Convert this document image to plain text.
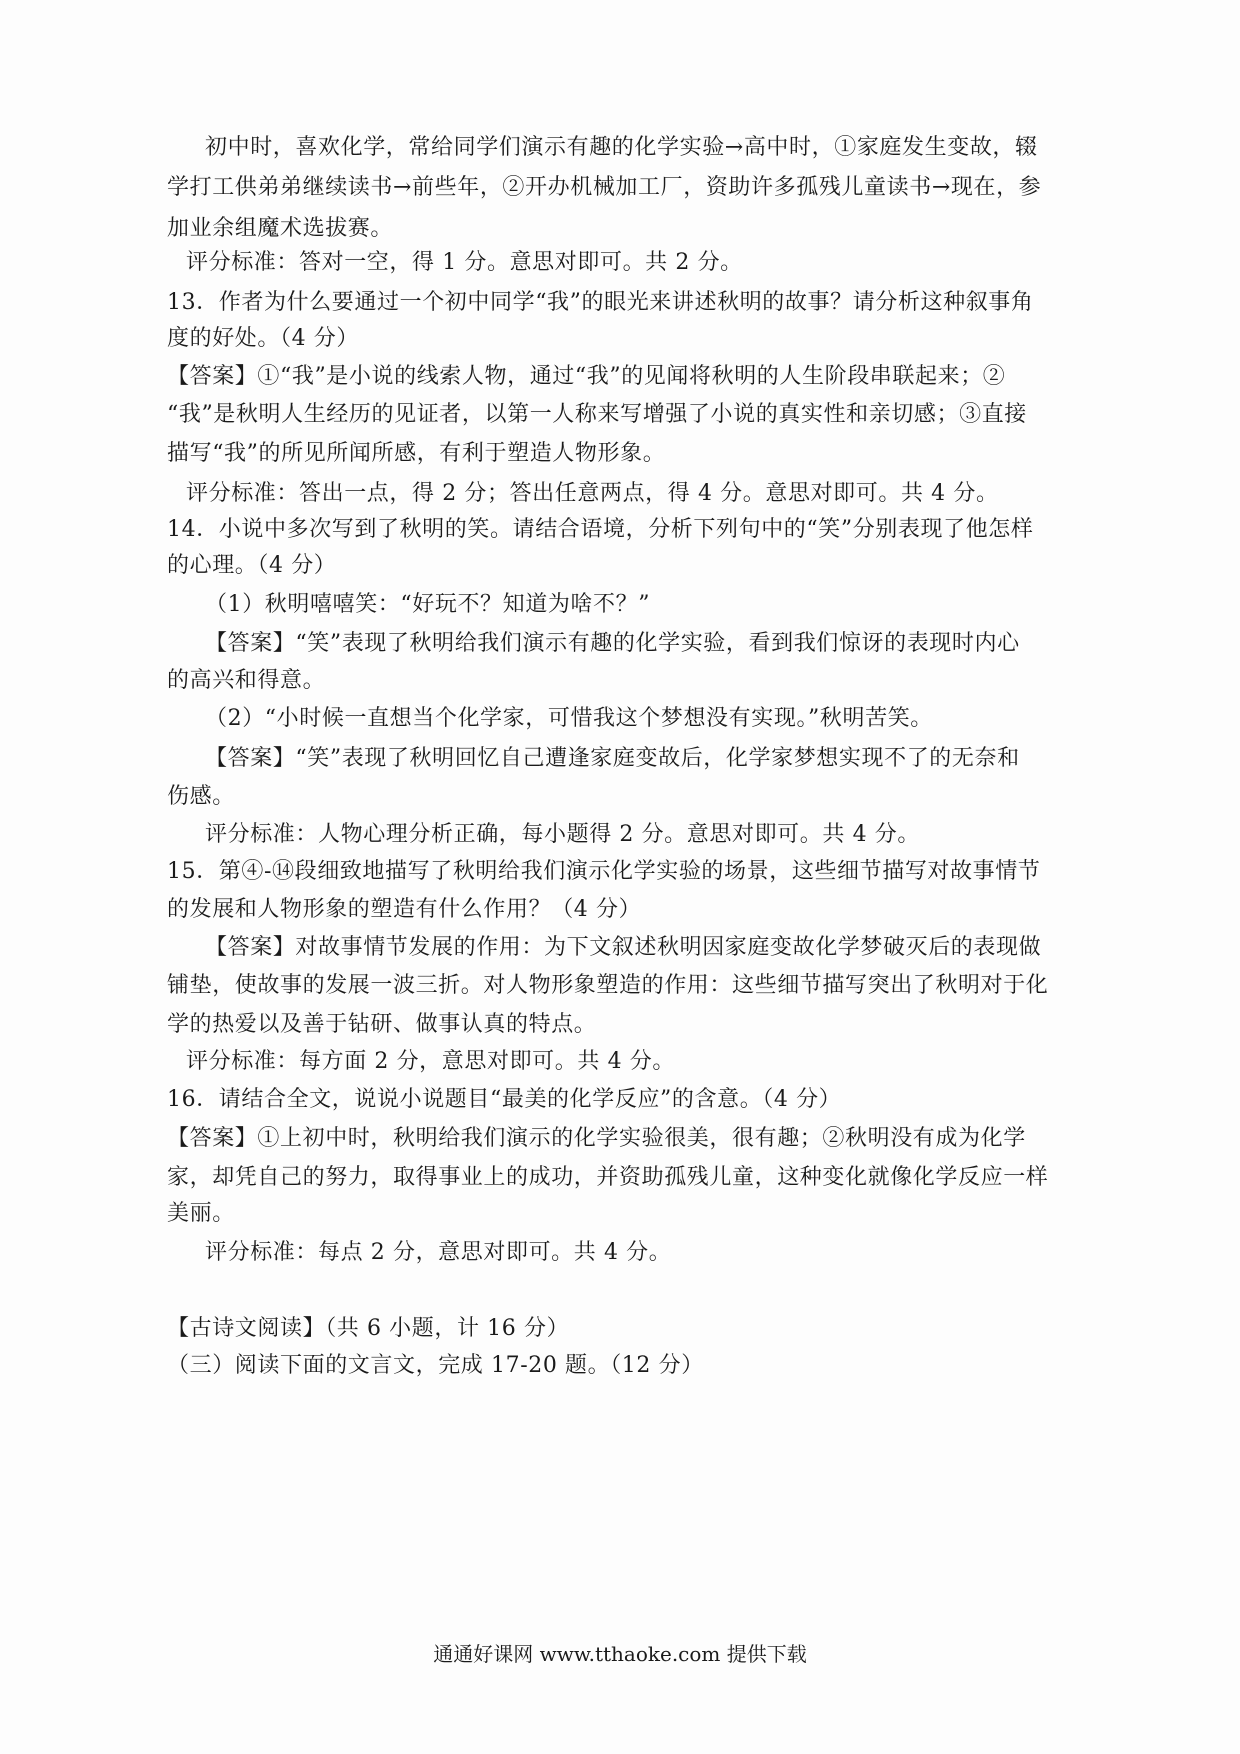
初中时，喜欢化学，常给同学们演示有趣的化学实验→高中时，①家庭发生变故，辍
学打工供弟弟继续读书→前些年，②开办机械加工厂，资助许多孤残儿童读书→现在，参
加业余组魔术选拔赛。
评分标准：答对一空，得 1 分。意思对即可。共 2 分。
13．作者为什么要通过一个初中同学“我”的眼光来讲述秋明的故事？请分析这种叙事角
度的好处。（4 分）
【答案】①“我”是小说的线索人物，通过“我”的见闻将秋明的人生阶段串联起来；②
“我”是秋明人生经历的见证者，以第一人称来写增强了小说的真实性和亲切感；③直接
描写“我”的所见所闻所感，有利于塑造人物形象。
评分标准：答出一点，得 2 分；答出任意两点，得 4 分。意思对即可。共 4 分。
14．小说中多次写到了秋明的笑。请结合语境，分析下列句中的“笑”分别表现了他怎样
的心理。（4 分）
（1）秋明嘻嘻笑：“好玩不？知道为啥不？”
【答案】“笑”表现了秋明给我们演示有趣的化学实验，看到我们惊讶的表现时内心
的高兴和得意。
（2）“小时候一直想当个化学家，可惜我这个梦想没有实现。”秋明苦笑。
【答案】“笑”表现了秋明回忆自己遭逢家庭变故后，化学家梦想实现不了的无奈和
伤感。
评分标准：人物心理分析正确，每小题得 2 分。意思对即可。共 4 分。
15．第④-⑭段细致地描写了秋明给我们演示化学实验的场景，这些细节描写对故事情节
的发展和人物形象的塑造有什么作用？（4 分）
【答案】对故事情节发展的作用：为下文叙述秋明因家庭变故化学梦破灭后的表现做
铺垫，使故事的发展一波三折。对人物形象塑造的作用：这些细节描写突出了秋明对于化
学的热爱以及善于钻研、做事认真的特点。
评分标准：每方面 2 分，意思对即可。共 4 分。
16．请结合全文，说说小说题目“最美的化学反应”的含意。（4 分）
【答案】①上初中时，秋明给我们演示的化学实验很美，很有趣；②秋明没有成为化学
家，却凭自己的努力，取得事业上的成功，并资助孤残儿童，这种变化就像化学反应一样
美丽。
评分标准：每点 2 分，意思对即可。共 4 分。
【古诗文阅读】（共 6 小题，计 16 分）
（三）阅读下面的文言文，完成 17-20 题。（12 分）
通通好课网 www.tthaoke.com 提供下载
